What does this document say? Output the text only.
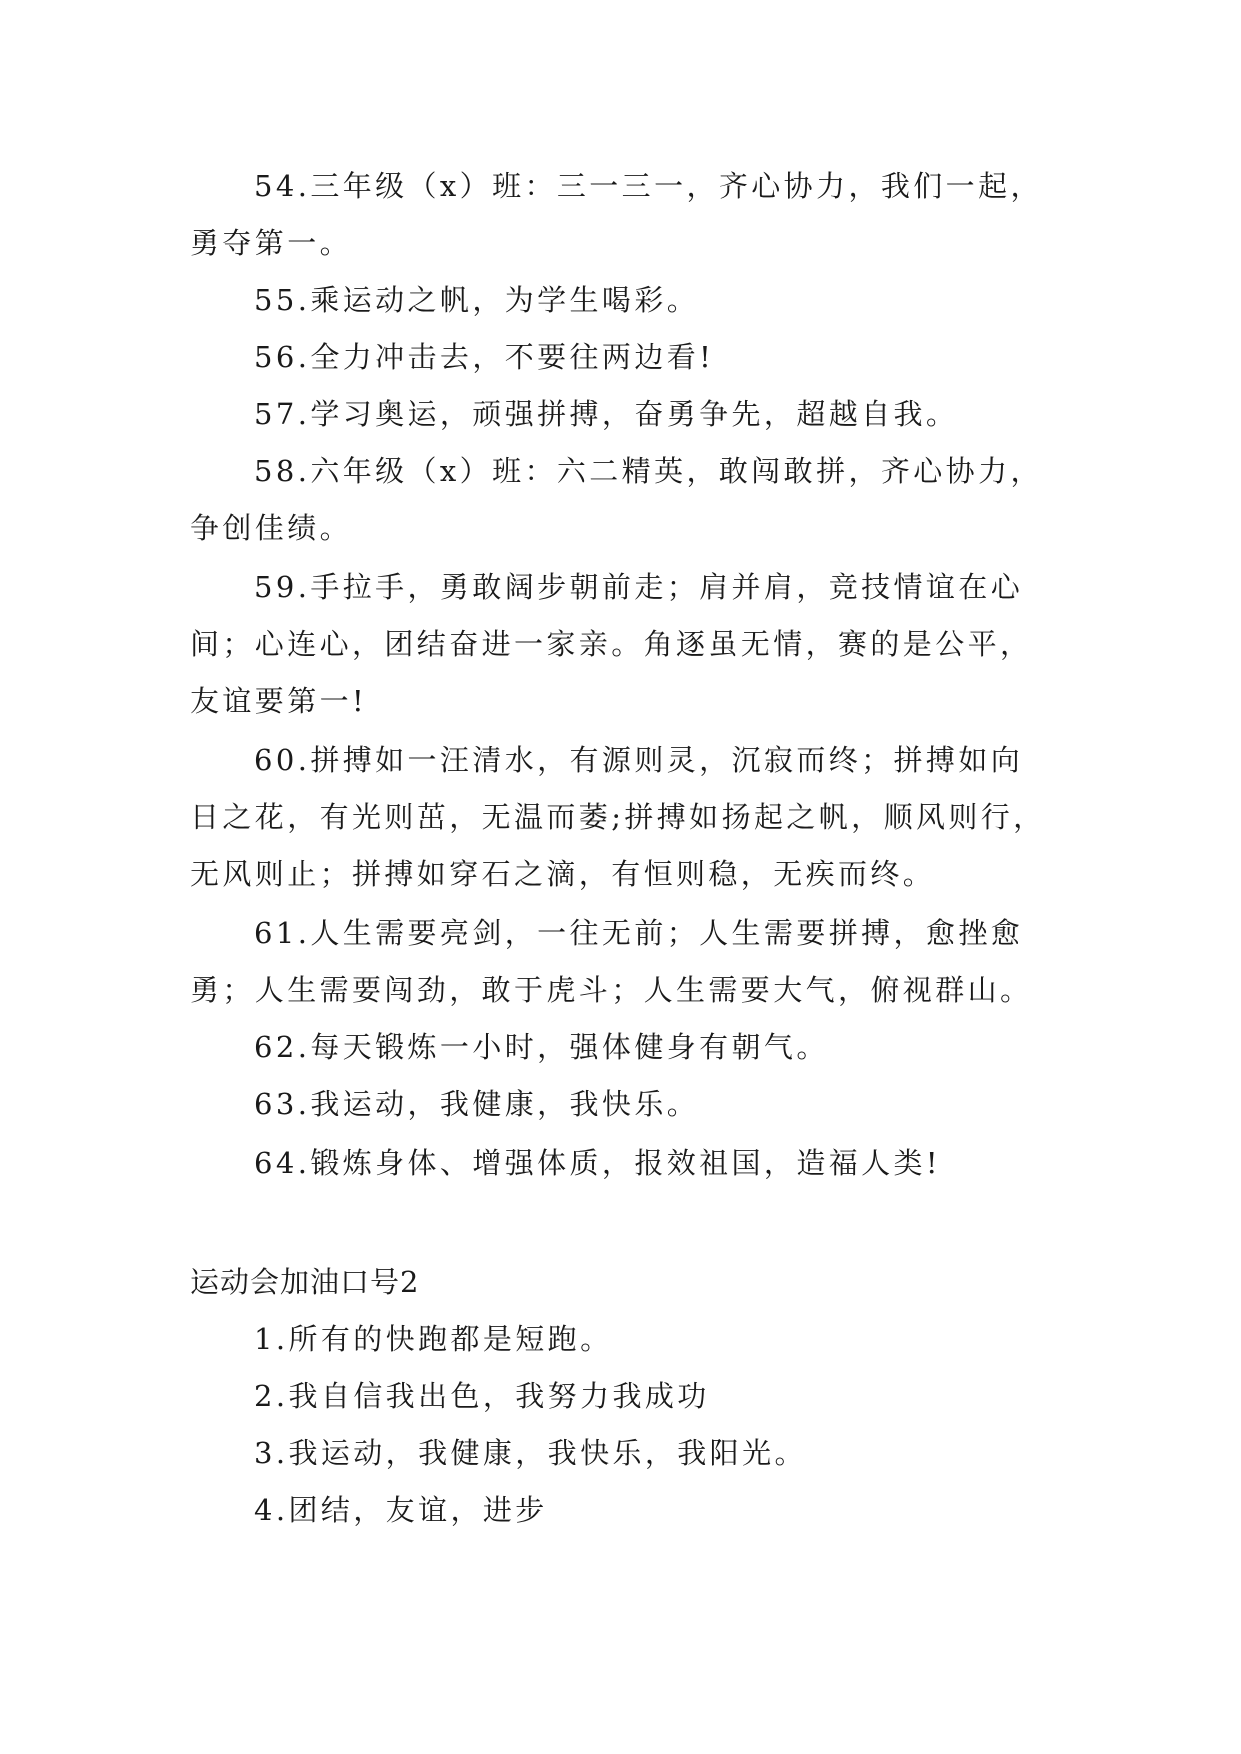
54.三年级（x）班：三一三一，齐心协力，我们一起，
勇夺第一。
55.乘运动之帆，为学生喝彩。
56.全力冲击去，不要往两边看!
57.学习奥运，顽强拼搏，奋勇争先，超越自我。
58.六年级（x）班：六二精英，敢闯敢拼，齐心协力，
争创佳绩。
59.手拉手，勇敢阔步朝前走；肩并肩，竞技情谊在心
间；心连心，团结奋进一家亲。角逐虽无情，赛的是公平，
友谊要第一!
60.拼搏如一汪清水，有源则灵，沉寂而终；拼搏如向
日之花，有光则茁，无温而萎;拼搏如扬起之帆，顺风则行，
无风则止；拼搏如穿石之滴，有恒则稳，无疾而终。
61.人生需要亮剑，一往无前；人生需要拼搏，愈挫愈
勇；人生需要闯劲，敢于虎斗；人生需要大气，俯视群山。
62.每天锻炼一小时，强体健身有朝气。
63.我运动，我健康，我快乐。
64.锻炼身体、增强体质，报效祖国，造福人类!
运动会加油口号2
1.所有的快跑都是短跑。
2.我自信我出色，我努力我成功
3.我运动，我健康，我快乐，我阳光。
4.团结，友谊，进步
